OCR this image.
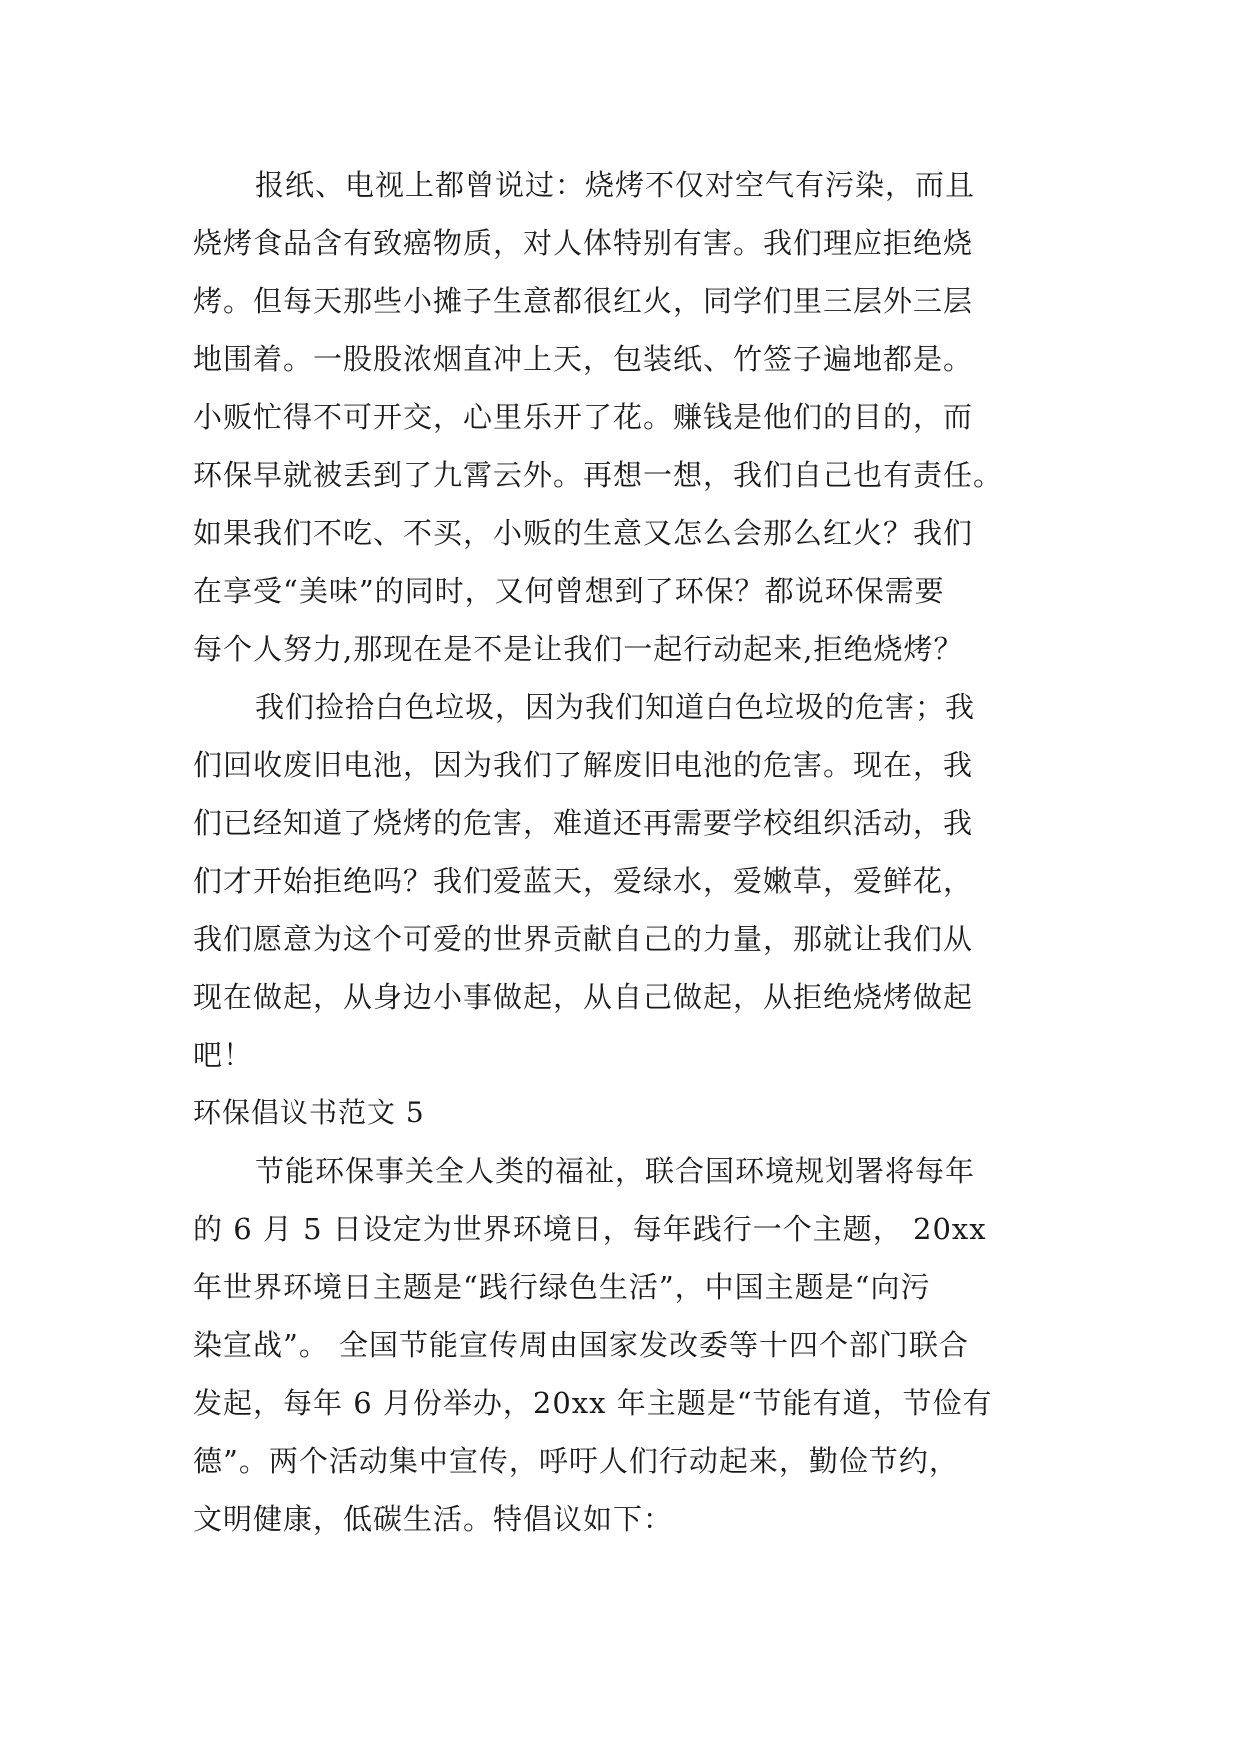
报纸、电视上都曾说过：烧烤不仅对空气有污染，而且
烧烤食品含有致癌物质，对人体特别有害。我们理应拒绝烧
烤。但每天那些小摊子生意都很红火，同学们里三层外三层
地围着。一股股浓烟直冲上天，包装纸、竹签子遍地都是。
小贩忙得不可开交，心里乐开了花。赚钱是他们的目的，而
环保早就被丢到了九霄云外。再想一想，我们自己也有责任。
如果我们不吃、不买，小贩的生意又怎么会那么红火？我们
在享受“美味”的同时，又何曾想到了环保？都说环保需要
每个人努力,那现在是不是让我们一起行动起来,拒绝烧烤？
我们捡拾白色垃圾，因为我们知道白色垃圾的危害；我
们回收废旧电池，因为我们了解废旧电池的危害。现在，我
们已经知道了烧烤的危害，难道还再需要学校组织活动，我
们才开始拒绝吗？我们爱蓝天，爱绿水，爱嫩草，爱鲜花，
我们愿意为这个可爱的世界贡献自己的力量，那就让我们从
现在做起，从身边小事做起，从自己做起，从拒绝烧烤做起
吧！
环保倡议书范文 5
节能环保事关全人类的福祉，联合国环境规划署将每年
的 6 月 5 日设定为世界环境日，每年践行一个主题， 20xx
年世界环境日主题是“践行绿色生活”，中国主题是“向污
染宣战”。 全国节能宣传周由国家发改委等十四个部门联合
发起，每年 6 月份举办，20xx 年主题是“节能有道，节俭有
德”。两个活动集中宣传，呼吁人们行动起来，勤俭节约，
文明健康，低碳生活。特倡议如下：
